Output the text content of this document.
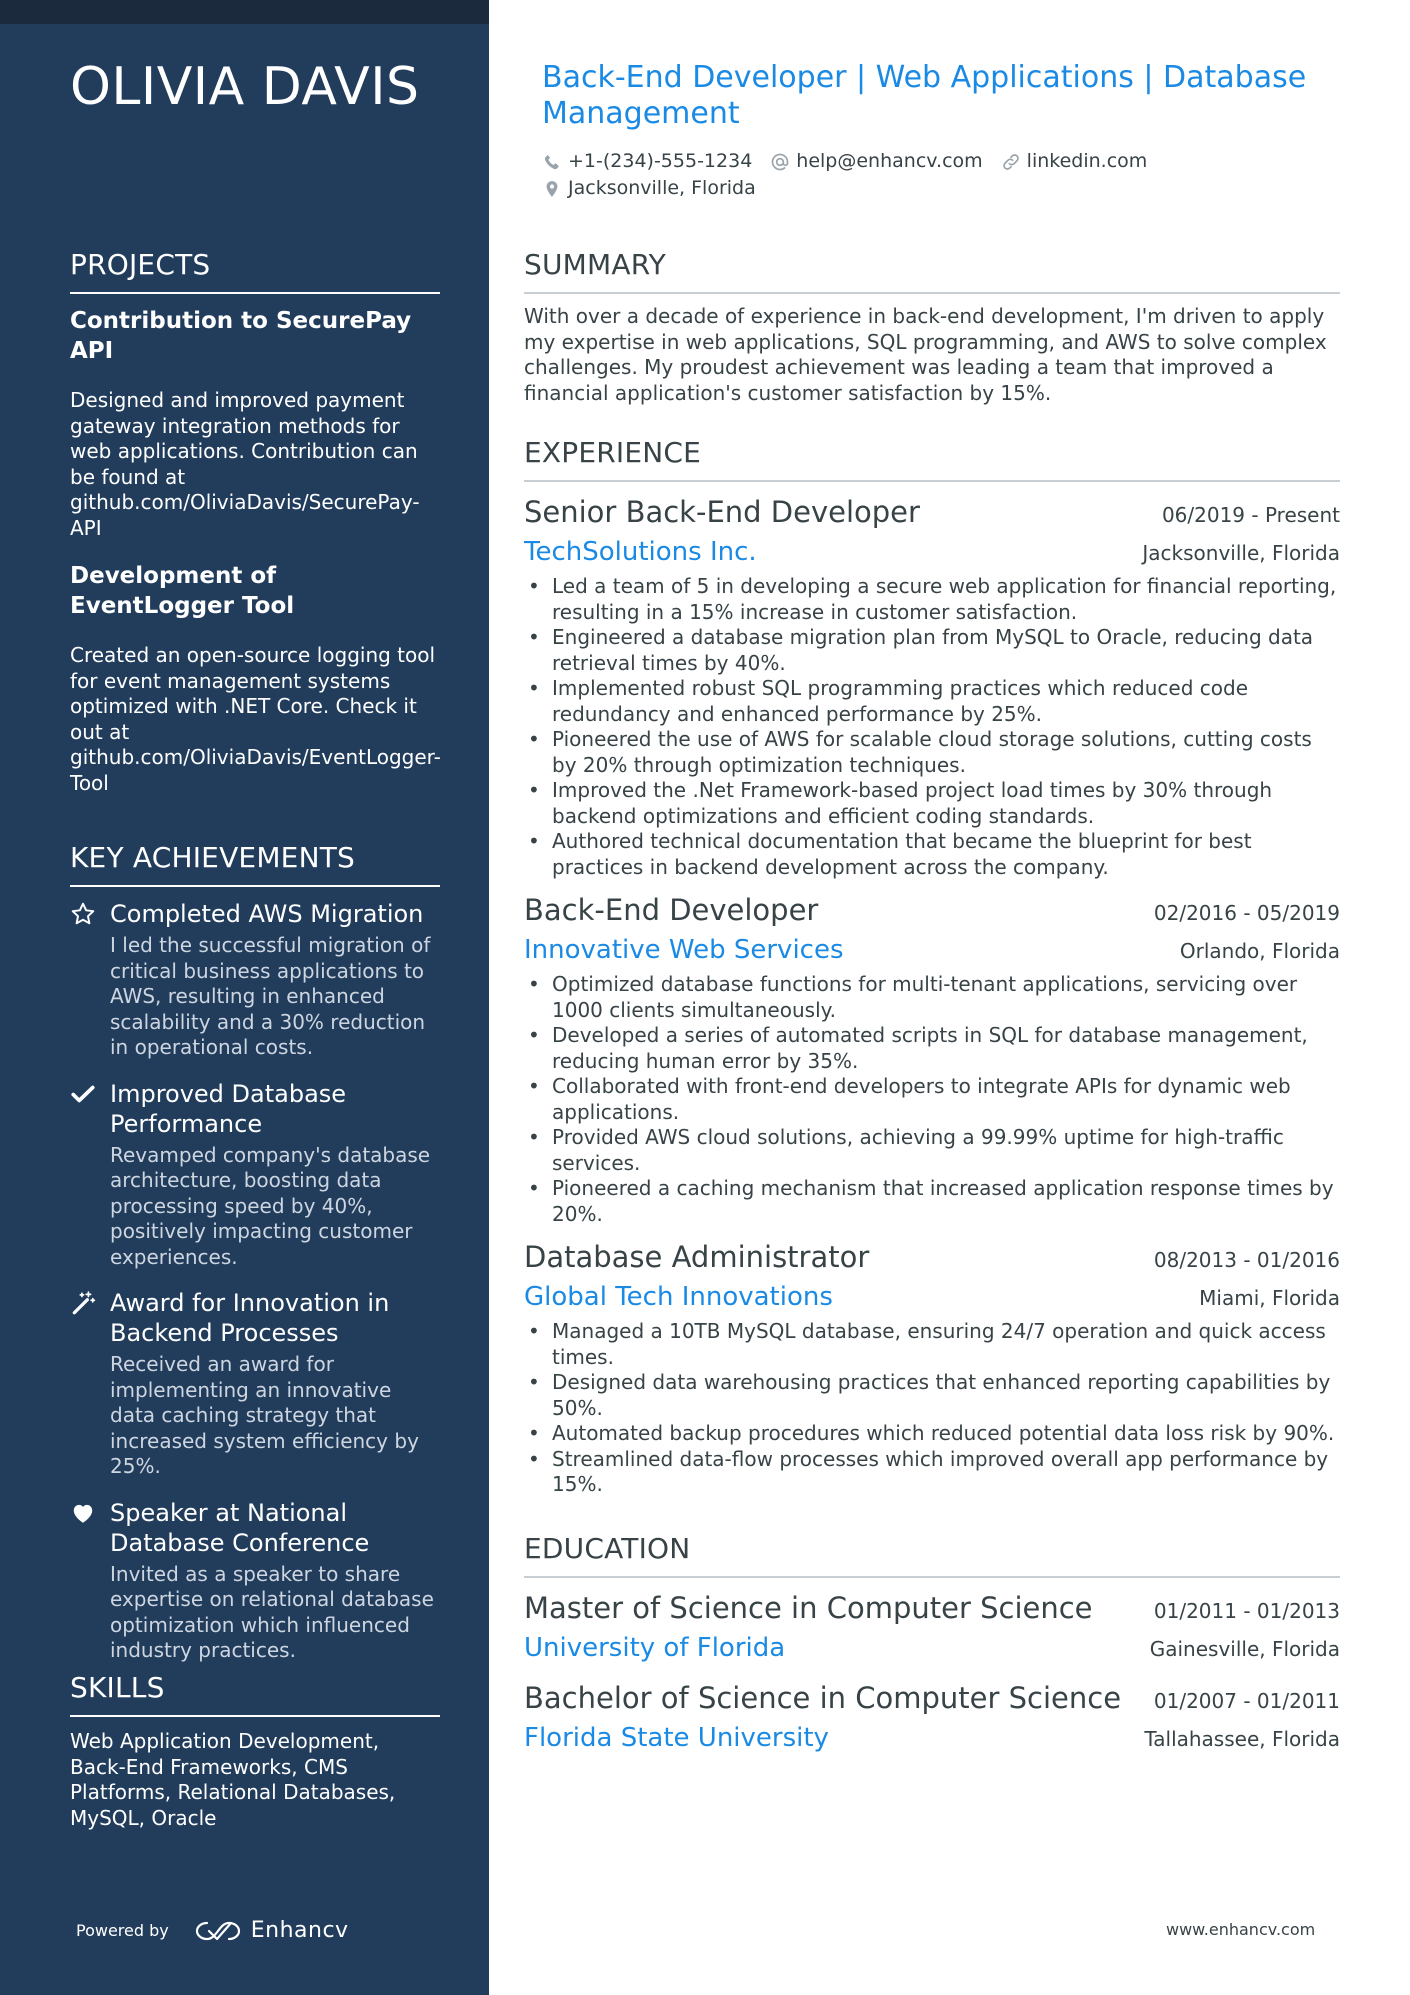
OLIVIA DAVIS
PROJECTS
Contribution to SecurePay API
Designed and improved payment gateway integration methods for web applications. Contribution can be found at github.com/OliviaDavis/SecurePay-API
Development of EventLogger Tool
Created an open-source logging tool for event management systems optimized with .NET Core. Check it out at github.com/OliviaDavis/EventLogger-Tool
KEY ACHIEVEMENTS
Completed AWS Migration
I led the successful migration of critical business applications to AWS, resulting in enhanced scalability and a 30% reduction in operational costs.
Improved Database Performance
Revamped company's database architecture, boosting data processing speed by 40%, positively impacting customer experiences.
Award for Innovation in Backend Processes
Received an award for implementing an innovative data caching strategy that increased system efficiency by 25%.
Speaker at National Database Conference
Invited as a speaker to share expertise on relational database optimization which influenced industry practices.
SKILLS
Web Application Development, Back-End Frameworks, CMS Platforms, Relational Databases, MySQL, Oracle
Powered by	Enhancv
Back-End Developer | Web Applications | Database Management
+1-(234)-555-1234 help@enhancv.com linkedin.com
Jacksonville, Florida
SUMMARY

With over a decade of experience in back-end development, I'm driven to apply my expertise in web applications, SQL programming, and AWS to solve complex challenges. My proudest achievement was leading a team that improved a financial application's customer satisfaction by 15%.

EXPERIENCE
Senior Back-End Developer	06/2019 - Present
TechSolutions Inc.	Jacksonville, Florida
• Led a team of 5 in developing a secure web application for financial reporting, resulting in a 15% increase in customer satisfaction.
• Engineered a database migration plan from MySQL to Oracle, reducing data retrieval times by 40%.
• Implemented robust SQL programming practices which reduced code redundancy and enhanced performance by 25%.
• Pioneered the use of AWS for scalable cloud storage solutions, cutting costs by 20% through optimization techniques.
• Improved the .Net Framework-based project load times by 30% through backend optimizations and efficient coding standards.
• Authored technical documentation that became the blueprint for best practices in backend development across the company.
Back-End Developer	02/2016 - 05/2019
Innovative Web Services	Orlando, Florida
• Optimized database functions for multi-tenant applications, servicing over 1000 clients simultaneously.
• Developed a series of automated scripts in SQL for database management, reducing human error by 35%.
• Collaborated with front-end developers to integrate APIs for dynamic web applications.
• Provided AWS cloud solutions, achieving a 99.99% uptime for high-traffic services.
• Pioneered a caching mechanism that increased application response times by 20%.
Database Administrator	08/2013 - 01/2016
Global Tech Innovations	Miami, Florida
• Managed a 10TB MySQL database, ensuring 24/7 operation and quick access times.
• Designed data warehousing practices that enhanced reporting capabilities by 50%.
• Automated backup procedures which reduced potential data loss risk by 90%.
• Streamlined data-flow processes which improved overall app performance by 15%.
EDUCATION
Master of Science in Computer Science	01/2011 - 01/2013
University of Florida	Gainesville, Florida
Bachelor of Science in Computer Science 01/2007 - 01/2011
Florida State University	Tallahassee, Florida
www.enhancv.com
